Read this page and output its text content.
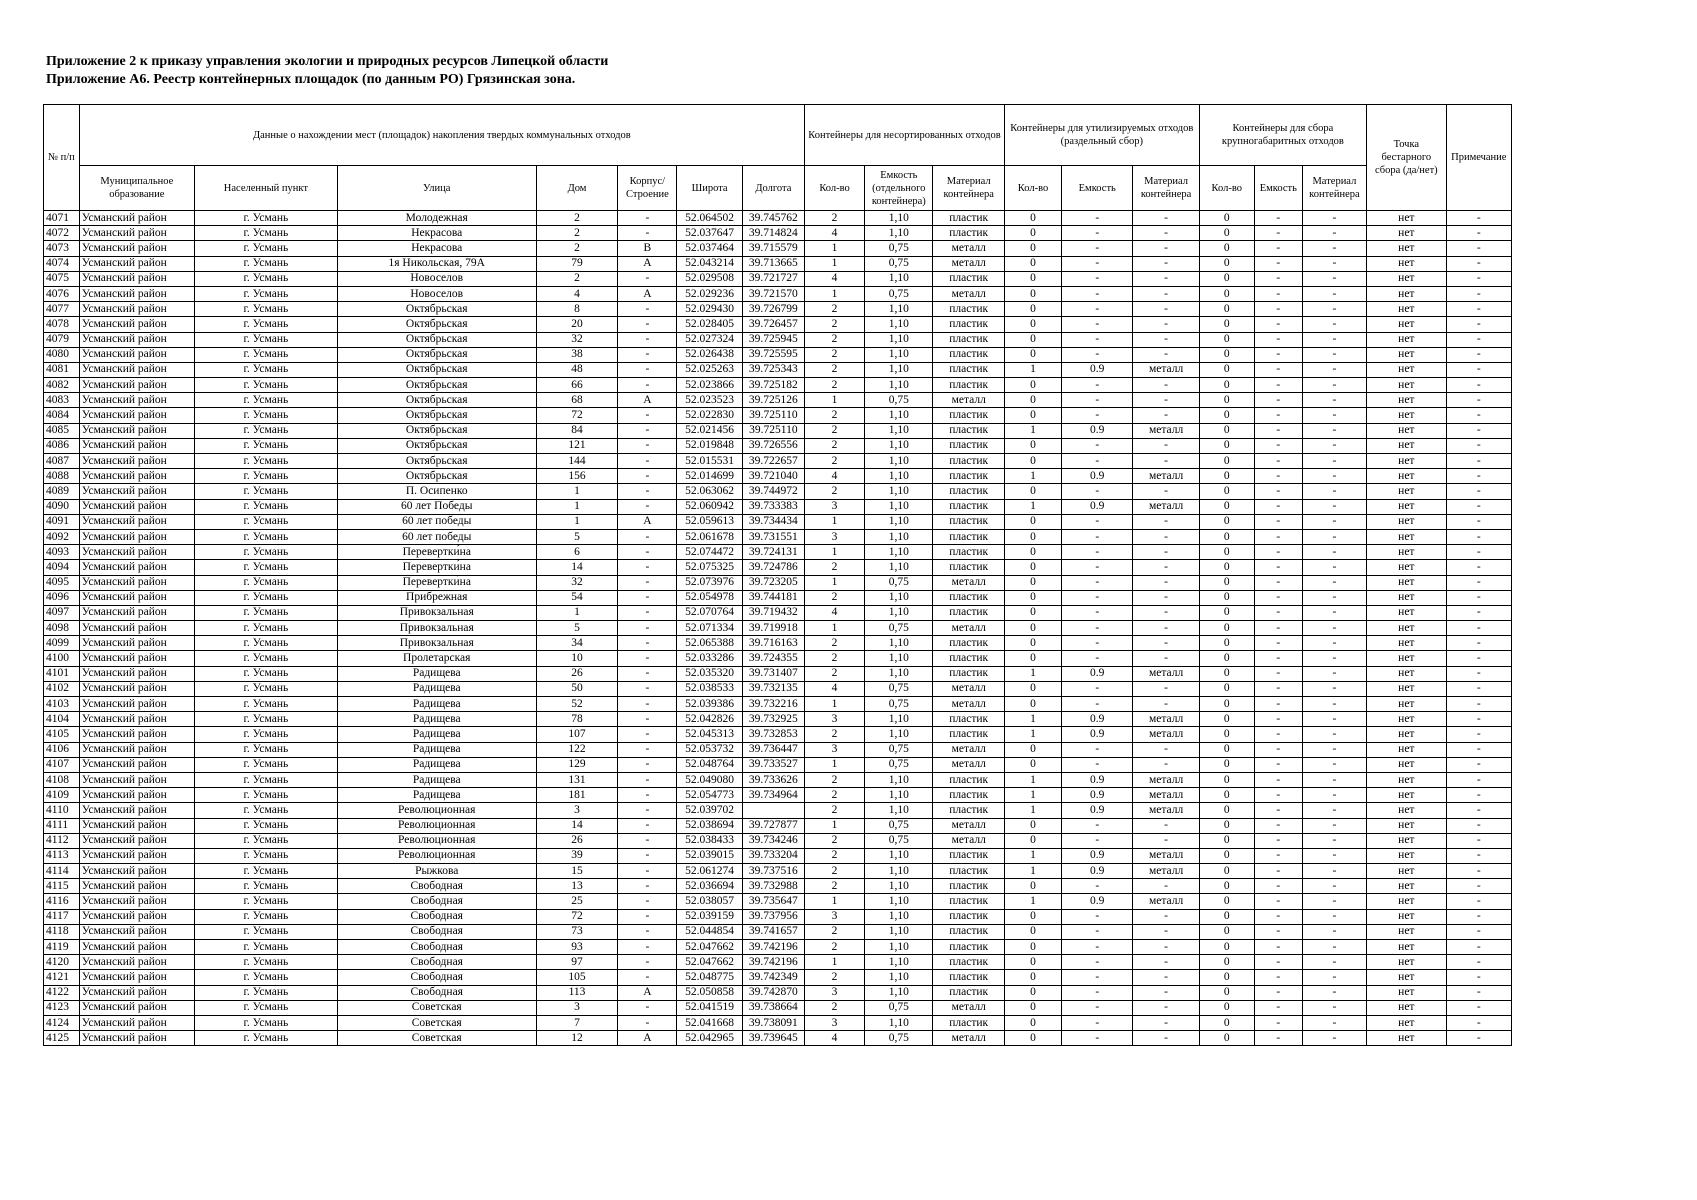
Приложение 2 к приказу управления экологии и природных ресурсов Липецкой области
Приложение А6. Реестр контейнерных площадок (по данным РО) Грязинская зона.
№ п/п	Данные о нахождении мест (площадок) накопления твердых коммунальных отходов							Контейнеры для несортированных отходов			Контейнеры для утилизируемых отходов (раздельный сбор)			Контейнеры для сбора крупногабаритных отходов			Точка бестарного сбора (да/нет)	Примечание
	Муниципальное образование	Населенный пункт	Улица	Дом	Корпус/ Строение	Широта	Долгота	Кол-во	Емкость (отдельного контейнера)	Материал контейнера	Кол-во	Емкость	Материал контейнера	Кол-во	Емкость	Материал контейнера		
4071	Усманский район	г. Усмань	Молодежная	2	-	52.064502	39.745762	2	1,10	пластик	0	-	-	0	-	-	нет	-
4072	Усманский район	г. Усмань	Некрасова	2	-	52.037647	39.714824	4	1,10	пластик	0	-	-	0	-	-	нет	-
4073	Усманский район	г. Усмань	Некрасова	2	В	52.037464	39.715579	1	0,75	металл	0	-	-	0	-	-	нет	-
4074	Усманский район	г. Усмань	1я Никольская, 79А	79	А	52.043214	39.713665	1	0,75	металл	0	-	-	0	-	-	нет	-
4075	Усманский район	г. Усмань	Новоселов	2	-	52.029508	39.721727	4	1,10	пластик	0	-	-	0	-	-	нет	-
4076	Усманский район	г. Усмань	Новоселов	4	А	52.029236	39.721570	1	0,75	металл	0	-	-	0	-	-	нет	-
4077	Усманский район	г. Усмань	Октябрьская	8	-	52.029430	39.726799	2	1,10	пластик	0	-	-	0	-	-	нет	-
4078	Усманский район	г. Усмань	Октябрьская	20	-	52.028405	39.726457	2	1,10	пластик	0	-	-	0	-	-	нет	-
4079	Усманский район	г. Усмань	Октябрьская	32	-	52.027324	39.725945	2	1,10	пластик	0	-	-	0	-	-	нет	-
4080	Усманский район	г. Усмань	Октябрьская	38	-	52.026438	39.725595	2	1,10	пластик	0	-	-	0	-	-	нет	-
4081	Усманский район	г. Усмань	Октябрьская	48	-	52.025263	39.725343	2	1,10	пластик	1	0.9	металл	0	-	-	нет	-
4082	Усманский район	г. Усмань	Октябрьская	66	-	52.023866	39.725182	2	1,10	пластик	0	-	-	0	-	-	нет	-
4083	Усманский район	г. Усмань	Октябрьская	68	А	52.023523	39.725126	1	0,75	металл	0	-	-	0	-	-	нет	-
4084	Усманский район	г. Усмань	Октябрьская	72	-	52.022830	39.725110	2	1,10	пластик	0	-	-	0	-	-	нет	-
4085	Усманский район	г. Усмань	Октябрьская	84	-	52.021456	39.725110	2	1,10	пластик	1	0.9	металл	0	-	-	нет	-
4086	Усманский район	г. Усмань	Октябрьская	121	-	52.019848	39.726556	2	1,10	пластик	0	-	-	0	-	-	нет	-
4087	Усманский район	г. Усмань	Октябрьская	144	-	52.015531	39.722657	2	1,10	пластик	0	-	-	0	-	-	нет	-
4088	Усманский район	г. Усмань	Октябрьская	156	-	52.014699	39.721040	4	1,10	пластик	1	0.9	металл	0	-	-	нет	-
4089	Усманский район	г. Усмань	П. Осипенко	1	-	52.063062	39.744972	2	1,10	пластик	0	-	-	0	-	-	нет	-
4090	Усманский район	г. Усмань	60 лет Победы	1	-	52.060942	39.733383	3	1,10	пластик	1	0.9	металл	0	-	-	нет	-
4091	Усманский район	г. Усмань	60 лет победы	1	А	52.059613	39.734434	1	1,10	пластик	0	-	-	0	-	-	нет	-
4092	Усманский район	г. Усмань	60 лет победы	5	-	52.061678	39.731551	3	1,10	пластик	0	-	-	0	-	-	нет	-
4093	Усманский район	г. Усмань	Перевертки́на	6	-	52.074472	39.724131	1	1,10	пластик	0	-	-	0	-	-	нет	-
4094	Усманский район	г. Усмань	Перевертки́на	14	-	52.075325	39.724786	2	1,10	пластик	0	-	-	0	-	-	нет	-
4095	Усманский район	г. Усмань	Перевертки́на	32	-	52.073976	39.723205	1	0,75	металл	0	-	-	0	-	-	нет	-
4096	Усманский район	г. Усмань	Прибрежная	54	-	52.054978	39.744181	2	1,10	пластик	0	-	-	0	-	-	нет	-
4097	Усманский район	г. Усмань	Привокзальная	1	-	52.070764	39.719432	4	1,10	пластик	0	-	-	0	-	-	нет	-
4098	Усманский район	г. Усмань	Привокзальная	5	-	52.071334	39.719918	1	0,75	металл	0	-	-	0	-	-	нет	-
4099	Усманский район	г. Усмань	Привокзальная	34	-	52.065388	39.716163	2	1,10	пластик	0	-	-	0	-	-	нет	-
4100	Усманский район	г. Усмань	Пролетарская	10	-	52.033286	39.724355	2	1,10	пластик	0	-	-	0	-	-	нет	-
4101	Усманский район	г. Усмань	Радищева	26	-	52.035320	39.731407	2	1,10	пластик	1	0.9	металл	0	-	-	нет	-
4102	Усманский район	г. Усмань	Радищева	50	-	52.038533	39.732135	4	0,75	металл	0	-	-	0	-	-	нет	-
4103	Усманский район	г. Усмань	Радищева	52	-	52.039386	39.732216	1	0,75	металл	0	-	-	0	-	-	нет	-
4104	Усманский район	г. Усмань	Радищева	78	-	52.042826	39.732925	3	1,10	пластик	1	0.9	металл	0	-	-	нет	-
4105	Усманский район	г. Усмань	Радищева	107	-	52.045313	39.732853	2	1,10	пластик	1	0.9	металл	0	-	-	нет	-
4106	Усманский район	г. Усмань	Радищева	122	-	52.053732	39.736447	3	0,75	металл	0	-	-	0	-	-	нет	-
4107	Усманский район	г. Усмань	Радищева	129	-	52.048764	39.733527	1	0,75	металл	0	-	-	0	-	-	нет	-
4108	Усманский район	г. Усмань	Радищева	131	-	52.049080	39.733626	2	1,10	пластик	1	0.9	металл	0	-	-	нет	-
4109	Усманский район	г. Усмань	Радищева	181	-	52.054773	39.734964	2	1,10	пластик	1	0.9	металл	0	-	-	нет	-
4110	Усманский район	г. Усмань	Революционная	3	-	52.039702		2	1,10	пластик	1	0.9	металл	0	-	-	нет	-
4111	Усманский район	г. Усмань	Революционная	14	-	52.038694	39.727877	1	0,75	металл	0	-	-	0	-	-	нет	-
4112	Усманский район	г. Усмань	Революционная	26	-	52.038433	39.734246	2	0,75	металл	0	-	-	0	-	-	нет	-
4113	Усманский район	г. Усмань	Революционная	39	-	52.039015	39.733204	2	1,10	пластик	1	0.9	металл	0	-	-	нет	-
4114	Усманский район	г. Усмань	Рыжкова	15	-	52.061274	39.737516	2	1,10	пластик	1	0.9	металл	0	-	-	нет	-
4115	Усманский район	г. Усмань	Свободная	13	-	52.036694	39.732988	2	1,10	пластик	0	-	-	0	-	-	нет	-
4116	Усманский район	г. Усмань	Свободная	25	-	52.038057	39.735647	1	1,10	пластик	1	0.9	металл	0	-	-	нет	-
4117	Усманский район	г. Усмань	Свободная	72	-	52.039159	39.737956	3	1,10	пластик	0	-	-	0	-	-	нет	-
4118	Усманский район	г. Усмань	Свободная	73	-	52.044854	39.741657	2	1,10	пластик	0	-	-	0	-	-	нет	-
4119	Усманский район	г. Усмань	Свободная	93	-	52.047662	39.742196	2	1,10	пластик	0	-	-	0	-	-	нет	-
4120	Усманский район	г. Усмань	Свободная	97	-	52.047662	39.742196	1	1,10	пластик	0	-	-	0	-	-	нет	-
4121	Усманский район	г. Усмань	Свободная	105	-	52.048775	39.742349	2	1,10	пластик	0	-	-	0	-	-	нет	-
4122	Усманский район	г. Усмань	Свободная	113	А	52.050858	39.742870	3	1,10	пластик	0	-	-	0	-	-	нет	-
4123	Усманский район	г. Усмань	Советская	3	-	52.041519	39.738664	2	0,75	металл	0	-	-	0	-	-	нет	-
4124	Усманский район	г. Усмань	Советская	7	-	52.041668	39.738091	3	1,10	пластик	0	-	-	0	-	-	нет	-
4125	Усманский район	г. Усмань	Советская	12	А	52.042965	39.739645	4	0,75	металл	0	-	-	0	-	-	нет	-
